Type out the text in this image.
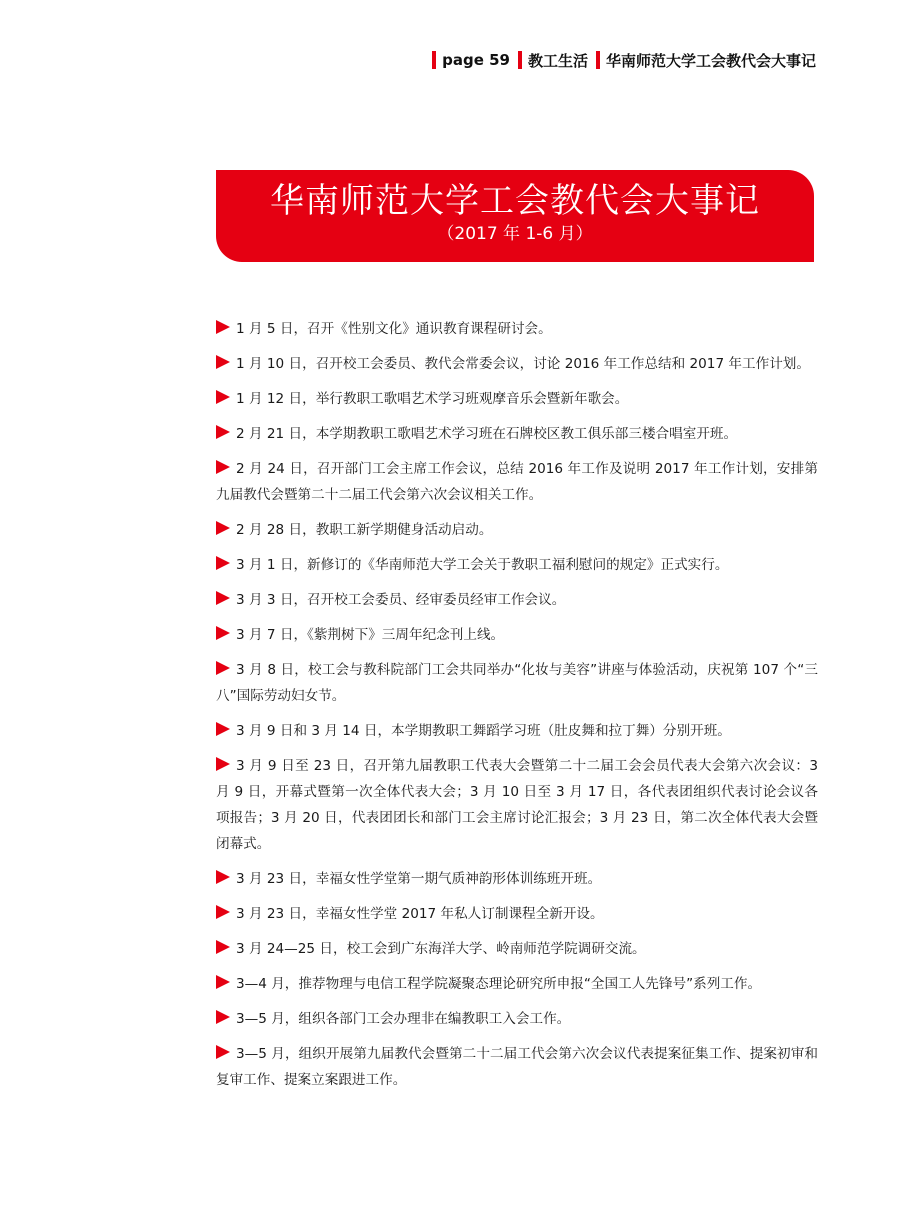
page 59 教工生活 华南师范大学工会教代会大事记
华南师范大学工会教代会大事记
（2017 年 1-6 月）
1 月 5 日，召开《性别文化》通识教育课程研讨会。
1 月 10 日，召开校工会委员、教代会常委会议，讨论 2016 年工作总结和 2017 年工作计划。
1 月 12 日，举行教职工歌唱艺术学习班观摩音乐会暨新年歌会。
2 月 21 日，本学期教职工歌唱艺术学习班在石牌校区教工俱乐部三楼合唱室开班。
2 月 24 日，召开部门工会主席工作会议，总结 2016 年工作及说明 2017 年工作计划，安排第九届教代会暨第二十二届工代会第六次会议相关工作。
2 月 28 日，教职工新学期健身活动启动。
3 月 1 日，新修订的《华南师范大学工会关于教职工福利慰问的规定》正式实行。
3 月 3 日，召开校工会委员、经审委员经审工作会议。
3 月 7 日，《紫荆树下》三周年纪念刊上线。
3 月 8 日，校工会与教科院部门工会共同举办“化妆与美容”讲座与体验活动，庆祝第 107 个“三八”国际劳动妇女节。
3 月 9 日和 3 月 14 日，本学期教职工舞蹈学习班（肚皮舞和拉丁舞）分别开班。
3 月 9 日至 23 日，召开第九届教职工代表大会暨第二十二届工会会员代表大会第六次会议：3 月 9 日，开幕式暨第一次全体代表大会；3 月 10 日至 3 月 17 日，各代表团组织代表讨论会议各项报告；3 月 20 日，代表团团长和部门工会主席讨论汇报会；3 月 23 日，第二次全体代表大会暨闭幕式。
3 月 23 日，幸福女性学堂第一期气质神韵形体训练班开班。
3 月 23 日，幸福女性学堂 2017 年私人订制课程全新开设。
3 月 24—25 日，校工会到广东海洋大学、岭南师范学院调研交流。
3—4 月，推荐物理与电信工程学院凝聚态理论研究所申报“全国工人先锋号”系列工作。
3—5 月，组织各部门工会办理非在编教职工入会工作。
3—5 月，组织开展第九届教代会暨第二十二届工代会第六次会议代表提案征集工作、提案初审和复审工作、提案立案跟进工作。
